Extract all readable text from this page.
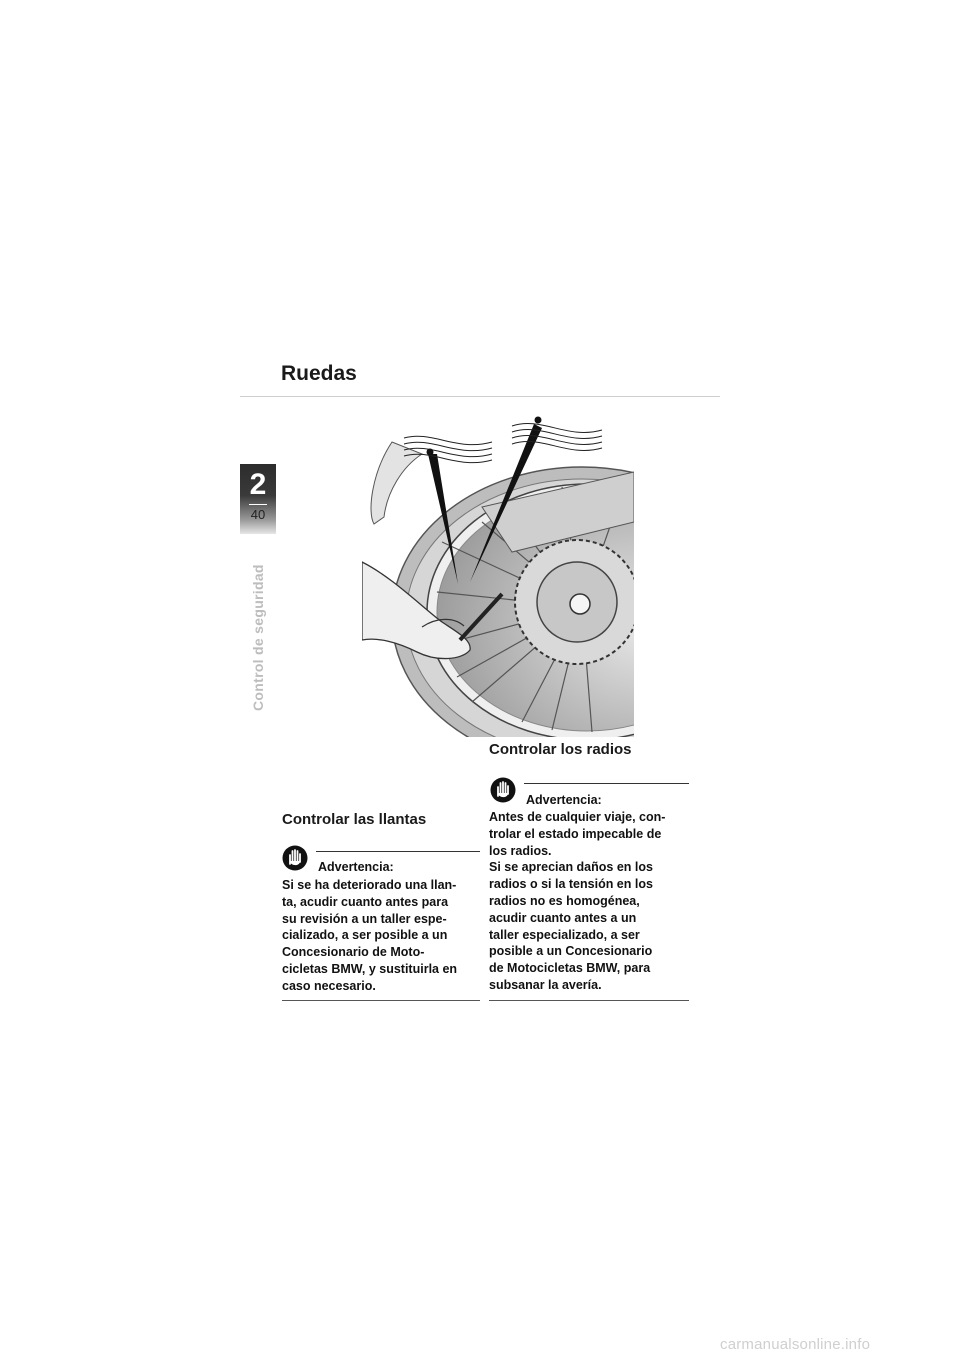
Ruedas
2
40
Control de seguridad
Controlar las llantas
Advertencia:
Si se ha deteriorado una llan-
ta, acudir cuanto antes para
su revisión a un taller espe-
cializado, a ser posible a un
Concesionario de Moto-
cicletas BMW, y sustituirla en
caso necesario.
Controlar los radios
Advertencia:
Antes de cualquier viaje, con-
trolar el estado impecable de
los radios.
Si se aprecian daños en los
radios o si la tensión en los
radios no es homogénea,
acudir cuanto antes a un
taller especializado, a ser
posible a un Concesionario
de Motocicletas BMW, para
subsanar la avería.
carmanualsonline.info
